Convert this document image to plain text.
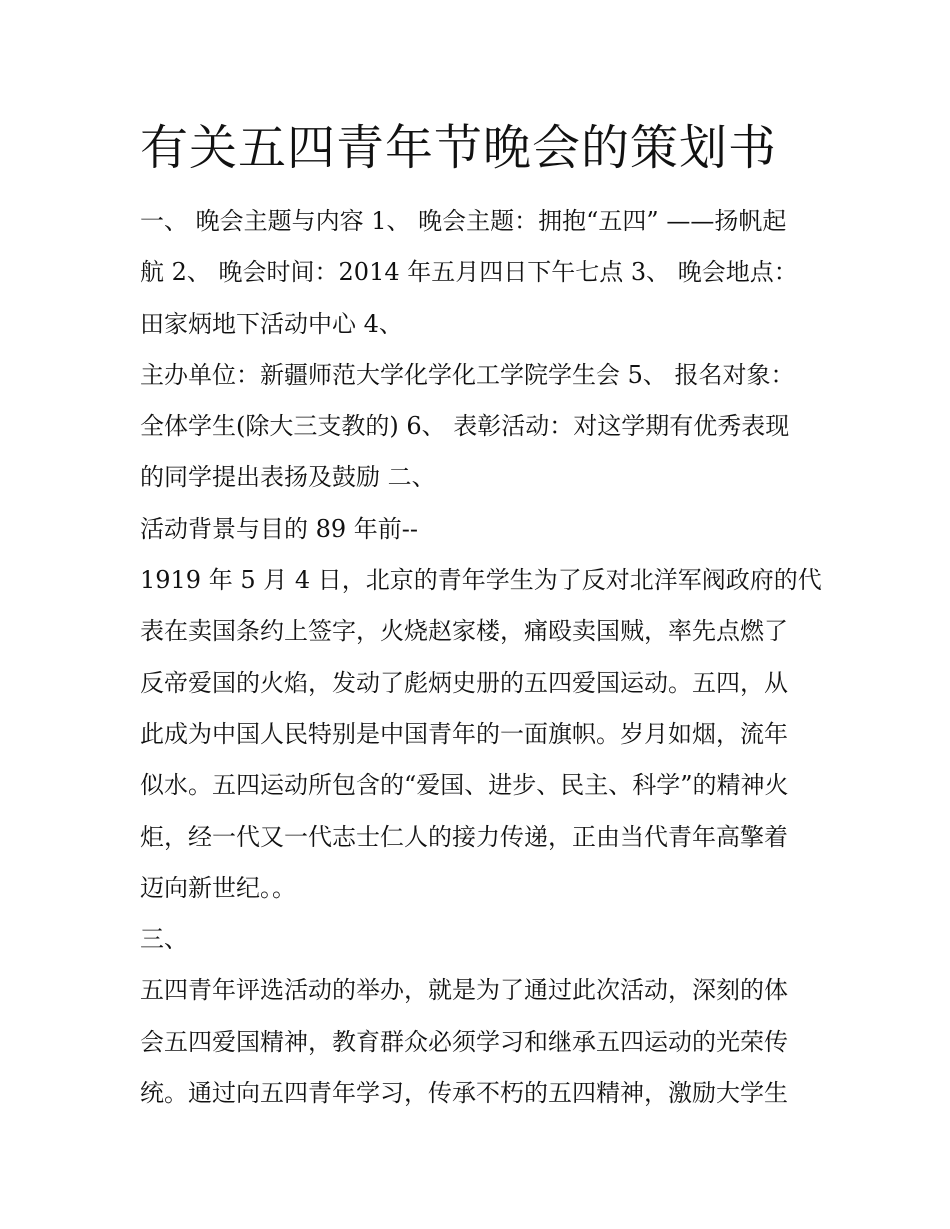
有关五四青年节晚会的策划书

一、 晚会主题与内容 1、 晚会主题：拥抱“五四” ——扬帆起

航 2、 晚会时间：2014 年五月四日下午七点 3、 晚会地点：

田家炳地下活动中心 4、

主办单位：新疆师范大学化学化工学院学生会 5、 报名对象：

全体学生(除大三支教的) 6、 表彰活动：对这学期有优秀表现

的同学提出表扬及鼓励 二、

活动背景与目的 89 年前--

1919 年 5 月 4 日，北京的青年学生为了反对北洋军阀政府的代

表在卖国条约上签字，火烧赵家楼，痛殴卖国贼，率先点燃了

反帝爱国的火焰，发动了彪炳史册的五四爱国运动。五四，从

此成为中国人民特别是中国青年的一面旗帜。岁月如烟，流年

似水。五四运动所包含的“爱国、进步、民主、科学”的精神火

炬，经一代又一代志士仁人的接力传递，正由当代青年高擎着

迈向新世纪。。

三、

五四青年评选活动的举办，就是为了通过此次活动，深刻的体

会五四爱国精神，教育群众必须学习和继承五四运动的光荣传

统。通过向五四青年学习，传承不朽的五四精神，激励大学生
